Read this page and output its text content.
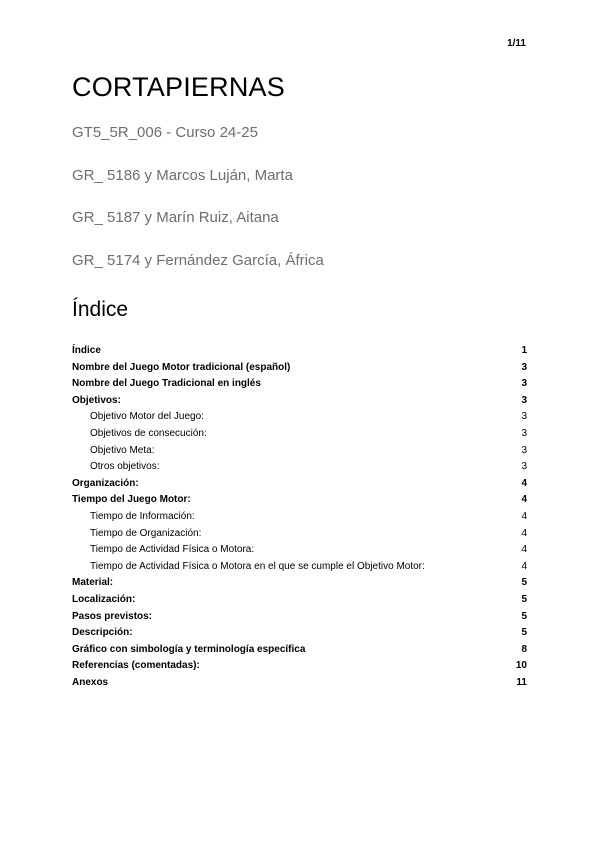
1/11
CORTAPIERNAS

GT5_5R_006 - Curso 24-25

GR_ 5186 y Marcos Luján, Marta

GR_ 5187 y Marín Ruiz, Aitana

GR_ 5174 y Fernández García, África

Índice
Índice	1
Nombre del Juego Motor tradicional (español)	3
Nombre del Juego Tradicional en inglés	3
Objetivos:	3
Objetivo Motor del Juego:	3
Objetivos de consecución:	3
Objetivo Meta:	3
Otros objetivos:	3
Organización:	4
Tiempo del Juego Motor:	4
Tiempo de Información:	4
Tiempo de Organización:	4
Tiempo de Actividad Física o Motora:	4
Tiempo de Actividad Física o Motora en el que se cumple el Objetivo Motor:	4
Material:	5
Localización:	5
Pasos previstos:	5
Descripción:	5
Gráfico con simbología y terminología específica	8
Referencias (comentadas):	10
Anexos	11
